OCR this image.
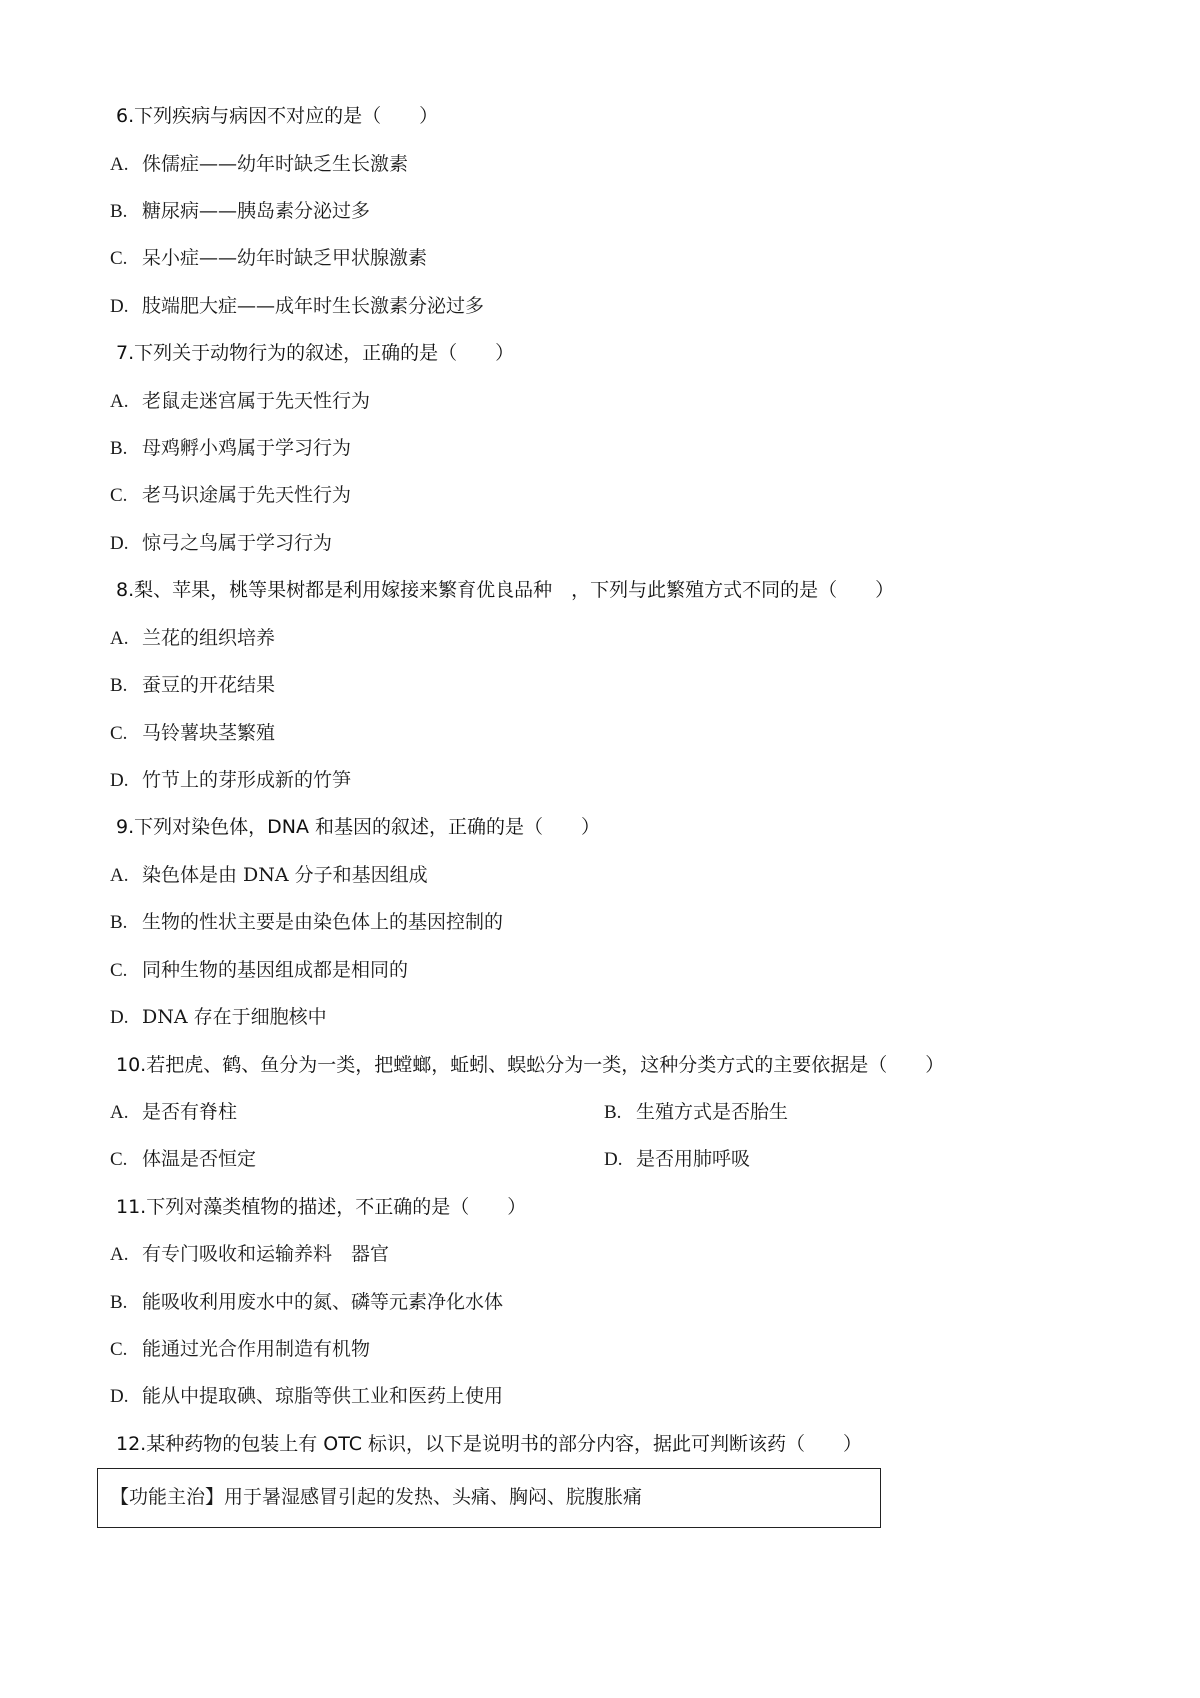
6.下列疾病与病因不对应的是（　　）
A. 侏儒症——幼年时缺乏生长激素
B. 糖尿病——胰岛素分泌过多
C. 呆小症——幼年时缺乏甲状腺激素
D. 肢端肥大症——成年时生长激素分泌过多
7.下列关于动物行为的叙述，正确的是（　　）
A. 老鼠走迷宫属于先天性行为
B. 母鸡孵小鸡属于学习行为
C. 老马识途属于先天性行为
D. 惊弓之鸟属于学习行为
8.梨、苹果，桃等果树都是利用嫁接来繁育优良品种　，下列与此繁殖方式不同的是（　　）
A. 兰花的组织培养
B. 蚕豆的开花结果
C. 马铃薯块茎繁殖
D. 竹节上的芽形成新的竹笋
9.下列对染色体，DNA 和基因的叙述，正确的是（　　）
A. 染色体是由 DNA 分子和基因组成
B. 生物的性状主要是由染色体上的基因控制的
C. 同种生物的基因组成都是相同的
D. DNA 存在于细胞核中
10.若把虎、鹤、鱼分为一类，把螳螂，蚯蚓、蜈蚣分为一类，这种分类方式的主要依据是（　　）
A. 是否有脊柱	B. 生殖方式是否胎生
C. 体温是否恒定	D. 是否用肺呼吸
11.下列对藻类植物的描述，不正确的是（　　）
A. 有专门吸收和运输养料　器官
B. 能吸收利用废水中的氮、磷等元素净化水体
C. 能通过光合作用制造有机物
D. 能从中提取碘、琼脂等供工业和医药上使用
12.某种药物的包装上有 OTC 标识，以下是说明书的部分内容，据此可判断该药（　　）
【功能主治】用于暑湿感冒引起的发热、头痛、胸闷、脘腹胀痛
